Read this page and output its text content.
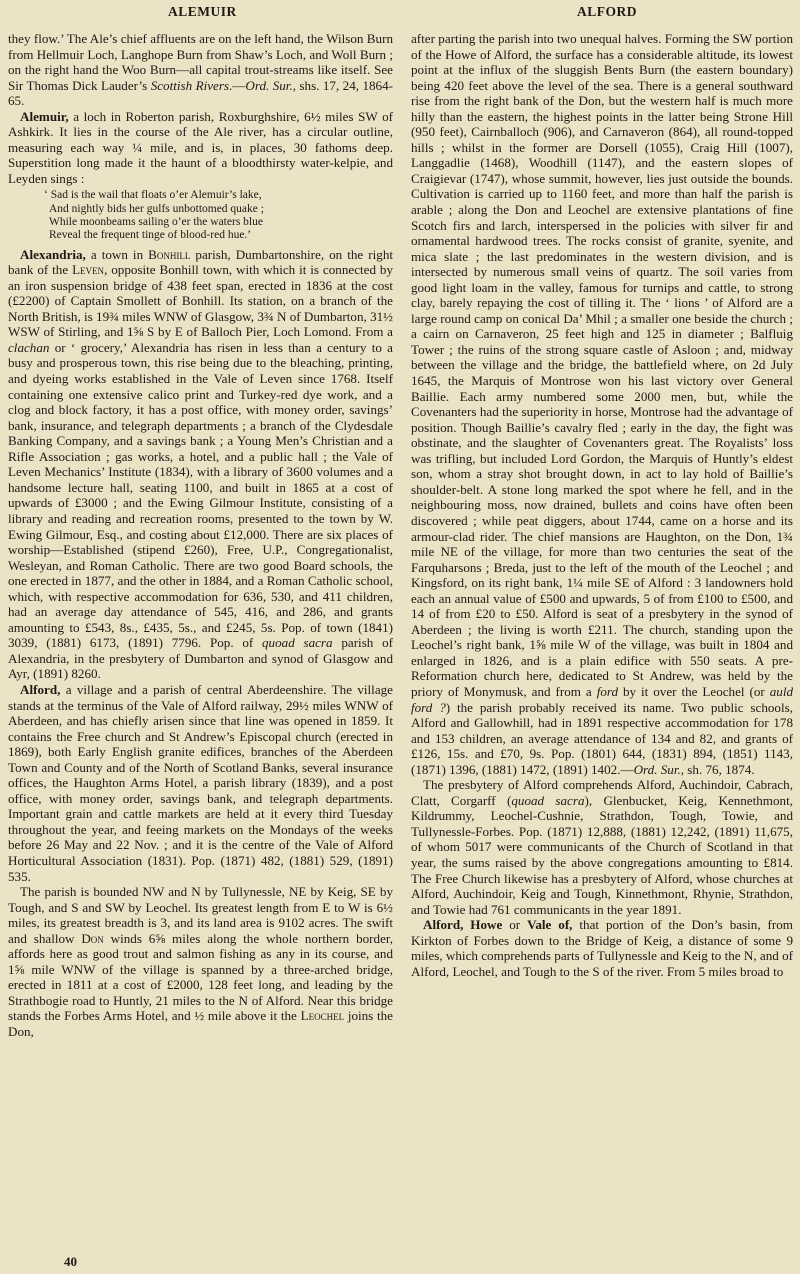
ALEMUIR	ALFORD

they flow.’ The Ale’s chief affluents are on the left hand, the Wilson Burn from Hellmuir Loch, Langhope Burn from Shaw’s Loch, and Woll Burn ; on the right hand the Woo Burn—all capital trout-streams like itself. See Sir Thomas Dick Lauder’s Scottish Rivers.—Ord. Sur., shs. 17, 24, 1864-65.

Alemuir, a loch in Roberton parish, Roxburghshire, 6½ miles SW of Ashkirk. It lies in the course of the Ale river, has a circular outline, measuring each way ¼ mile, and is, in places, 30 fathoms deep. Superstition long made it the haunt of a bloodthirsty water-kelpie, and Leyden sings :

‘ Sad is the wail that floats o’er Alemuir’s lake,
And nightly bids her gulfs unbottomed quake ;
While moonbeams sailing o’er the waters blue
Reveal the frequent tinge of blood-red hue.’

Alexandria, a town in Bonhill parish, Dumbartonshire, on the right bank of the Leven, opposite Bonhill town, with which it is connected by an iron suspension bridge of 438 feet span, erected in 1836 at the cost (£2200) of Captain Smollett of Bonhill. Its station, on a branch of the North British, is 19¾ miles WNW of Glasgow, 3¾ N of Dumbarton, 31½ WSW of Stirling, and 1⅝ S by E of Balloch Pier, Loch Lomond. From a clachan or ‘ grocery,’ Alexandria has risen in less than a century to a busy and prosperous town, this rise being due to the bleaching, printing, and dyeing works established in the Vale of Leven since 1768. Itself containing one extensive calico print and Turkey-red dye work, and a clog and block factory, it has a post office, with money order, savings’ bank, insurance, and telegraph departments ; a branch of the Clydesdale Banking Company, and a savings bank ; a Young Men’s Christian and a Rifle Association ; gas works, a hotel, and a public hall ; the Vale of Leven Mechanics’ Institute (1834), with a library of 3600 volumes and a handsome lecture hall, seating 1100, and built in 1865 at a cost of upwards of £3000 ; and the Ewing Gilmour Institute, consisting of a library and reading and recreation rooms, presented to the town by W. Ewing Gilmour, Esq., and costing about £12,000. There are six places of worship—Established (stipend £260), Free, U.P., Congregationalist, Wesleyan, and Roman Catholic. There are two good Board schools, the one erected in 1877, and the other in 1884, and a Roman Catholic school, which, with respective accommodation for 636, 530, and 411 children, had an average day attendance of 545, 416, and 286, and grants amounting to £543, 8s., £435, 5s., and £245, 5s. Pop. of town (1841) 3039, (1881) 6173, (1891) 7796. Pop. of quoad sacra parish of Alexandria, in the presbytery of Dumbarton and synod of Glasgow and Ayr, (1891) 8260.

Alford, a village and a parish of central Aberdeenshire. The village stands at the terminus of the Vale of Alford railway, 29½ miles WNW of Aberdeen, and has chiefly arisen since that line was opened in 1859. It contains the Free church and St Andrew’s Episcopal church (erected in 1869), both Early English granite edifices, branches of the Aberdeen Town and County and of the North of Scotland Banks, several insurance offices, the Haughton Arms Hotel, a parish library (1839), and a post office, with money order, savings bank, and telegraph departments. Important grain and cattle markets are held at it every third Tuesday throughout the year, and feeing markets on the Mondays of the weeks before 26 May and 22 Nov. ; and it is the centre of the Vale of Alford Horticultural Association (1831). Pop. (1871) 482, (1881) 529, (1891) 535.

The parish is bounded NW and N by Tullynessle, NE by Keig, SE by Tough, and S and SW by Leochel. Its greatest length from E to W is 6½ miles, its greatest breadth is 3, and its land area is 9102 acres. The swift and shallow Don winds 6⅝ miles along the whole northern border, affords here as good trout and salmon fishing as any in its course, and 1⅝ mile WNW of the village is spanned by a three-arched bridge, erected in 1811 at a cost of £2000, 128 feet long, and leading by the Strathbogie road to Huntly, 21 miles to the N of Alford. Near this bridge stands the Forbes Arms Hotel, and ½ mile above it the Leochel joins the Don,

after parting the parish into two unequal halves. Forming the SW portion of the Howe of Alford, the surface has a considerable altitude, its lowest point at the influx of the sluggish Bents Burn (the eastern boundary) being 420 feet above the level of the sea. There is a general southward rise from the right bank of the Don, but the western half is much more hilly than the eastern, the highest points in the latter being Strone Hill (950 feet), Cairnballoch (906), and Carnaveron (864), all round-topped hills ; whilst in the former are Dorsell (1055), Craig Hill (1007), Langgadlie (1468), Woodhill (1147), and the eastern slopes of Craigievar (1747), whose summit, however, lies just outside the bounds. Cultivation is carried up to 1160 feet, and more than half the parish is arable ; along the Don and Leochel are extensive plantations of fine Scotch firs and larch, interspersed in the policies with silver fir and ornamental hardwood trees. The rocks consist of granite, syenite, and mica slate ; the last predominates in the western division, and is intersected by numerous small veins of quartz. The soil varies from good light loam in the valley, famous for turnips and cattle, to strong clay, barely repaying the cost of tilling it. The ‘ lions ’ of Alford are a large round camp on conical Da’ Mhil ; a smaller one beside the church ; a cairn on Carnaveron, 25 feet high and 125 in diameter ; Balfluig Tower ; the ruins of the strong square castle of Asloon ; and, midway between the village and the bridge, the battlefield where, on 2d July 1645, the Marquis of Montrose won his last victory over General Baillie. Each army numbered some 2000 men, but, while the Covenanters had the superiority in horse, Montrose had the advantage of position. Though Baillie’s cavalry fled ; early in the day, the fight was obstinate, and the slaughter of Covenanters great. The Royalists’ loss was trifling, but included Lord Gordon, the Marquis of Huntly’s eldest son, whom a stray shot brought down, in act to lay hold of Baillie’s shoulder-belt. A stone long marked the spot where he fell, and in the neighbouring moss, now drained, bullets and coins have often been discovered ; while peat diggers, about 1744, came on a horse and its armour-clad rider. The chief mansions are Haughton, on the Don, 1¾ mile NE of the village, for more than two centuries the seat of the Farquharsons ; Breda, just to the left of the mouth of the Leochel ; and Kingsford, on its right bank, 1¼ mile SE of Alford : 3 landowners hold each an annual value of £500 and upwards, 5 of from £100 to £500, and 14 of from £20 to £50. Alford is seat of a presbytery in the synod of Aberdeen ; the living is worth £211. The church, standing upon the Leochel’s right bank, 1⅝ mile W of the village, was built in 1804 and enlarged in 1826, and is a plain edifice with 550 seats. A pre-Reformation church here, dedicated to St Andrew, was held by the priory of Monymusk, and from a ford by it over the Leochel (or auld ford ?) the parish probably received its name. Two public schools, Alford and Gallowhill, had in 1891 respective accommodation for 178 and 153 children, an average attendance of 134 and 82, and grants of £126, 15s. and £70, 9s. Pop. (1801) 644, (1831) 894, (1851) 1143, (1871) 1396, (1881) 1472, (1891) 1402.—Ord. Sur., sh. 76, 1874.

The presbytery of Alford comprehends Alford, Auchindoir, Cabrach, Clatt, Corgarff (quoad sacra), Glenbucket, Keig, Kennethmont, Kildrummy, Leochel-Cushnie, Strathdon, Tough, Towie, and Tullynessle-Forbes. Pop. (1871) 12,888, (1881) 12,242, (1891) 11,675, of whom 5017 were communicants of the Church of Scotland in that year, the sums raised by the above congregations amounting to £814. The Free Church likewise has a presbytery of Alford, whose churches at Alford, Auchindoir, Keig and Tough, Kinnethmont, Rhynie, Strathdon, and Towie had 761 communicants in the year 1891.

Alford, Howe or Vale of, that portion of the Don’s basin, from Kirkton of Forbes down to the Bridge of Keig, a distance of some 9 miles, which comprehends parts of Tullynessle and Keig to the N, and of Alford, Leochel, and Tough to the S of the river. From 5 miles broad to

40
